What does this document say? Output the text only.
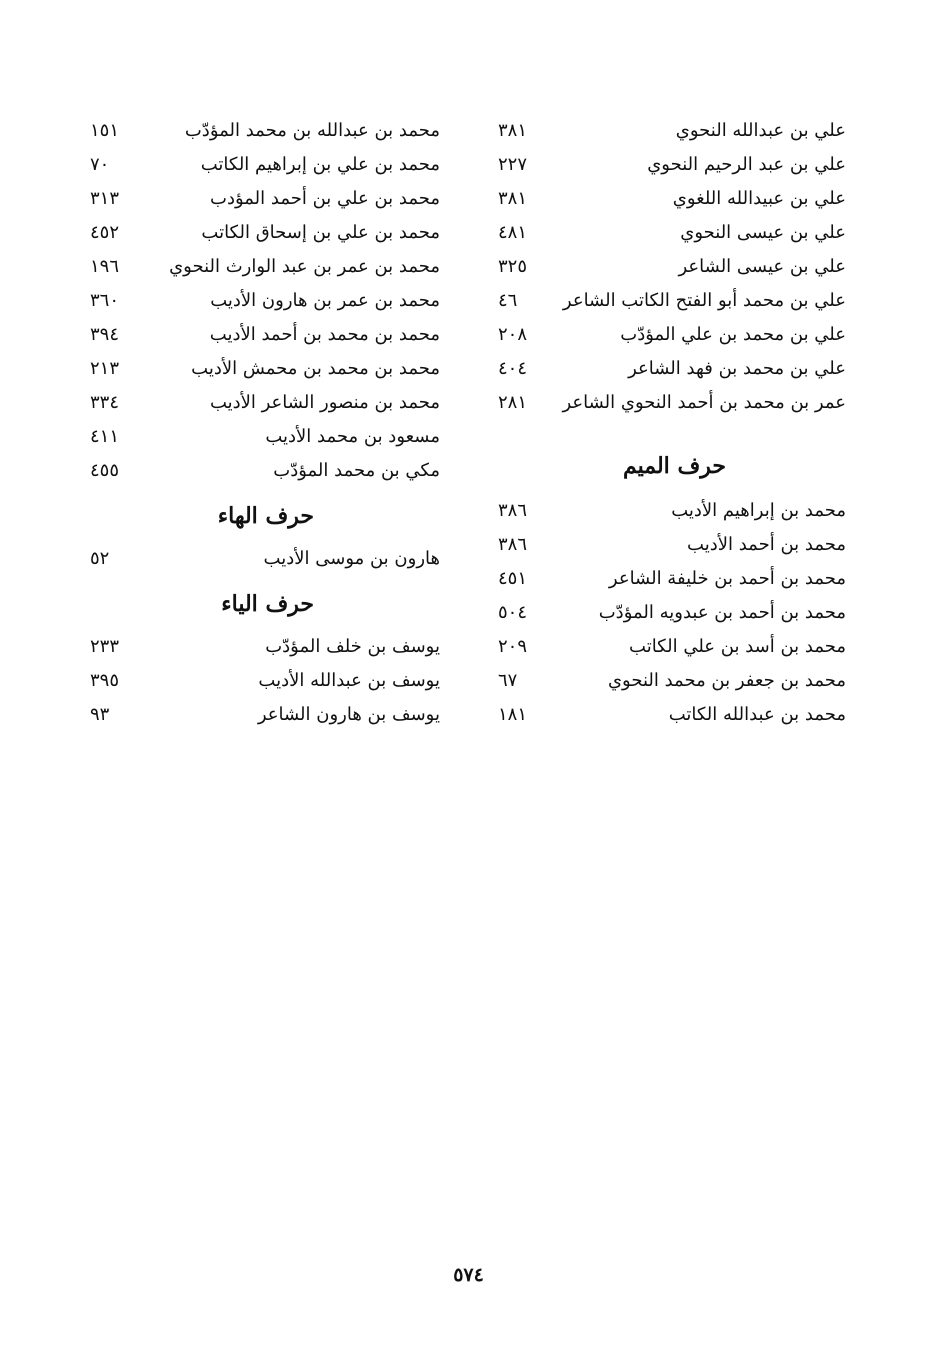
علي بن عبدالله النحوي
٣٨١
علي بن عبد الرحيم النحوي
٢٢٧
علي بن عبيدالله اللغوي
٣٨١
علي بن عيسى النحوي
٤٨١
علي بن عيسى الشاعر
٣٢٥
علي بن محمد أبو الفتح الكاتب الشاعر
٤٦
علي بن محمد بن علي المؤدّب
٢٠٨
علي بن محمد بن فهد الشاعر
٤٠٤
عمر بن محمد بن أحمد النحوي الشاعر
٢٨١
حرف الميم
محمد بن إبراهيم الأديب
٣٨٦
محمد بن أحمد الأديب
٣٨٦
محمد بن أحمد بن خليفة الشاعر
٤٥١
محمد بن أحمد بن عبدويه المؤدّب
٥٠٤
محمد بن أسد بن علي الكاتب
٢٠٩
محمد بن جعفر بن محمد النحوي
٦٧
محمد بن عبدالله الكاتب
١٨١
محمد بن عبدالله بن محمد المؤدّب
١٥١
محمد بن علي بن إبراهيم الكاتب
٧٠
محمد بن علي بن أحمد المؤدب
٣١٣
محمد بن علي بن إسحاق الكاتب
٤٥٢
محمد بن عمر بن عبد الوارث النحوي
١٩٦
محمد بن عمر بن هارون الأديب
٣٦٠
محمد بن محمد بن أحمد الأديب
٣٩٤
محمد بن محمد بن محمش الأديب
٢١٣
محمد بن منصور الشاعر الأديب
٣٣٤
مسعود بن محمد الأديب
٤١١
مكي بن محمد المؤدّب
٤٥٥
حرف الهاء
هارون بن موسى الأديب
٥٢
حرف الياء
يوسف بن خلف المؤدّب
٢٣٣
يوسف بن عبدالله الأديب
٣٩٥
يوسف بن هارون الشاعر
٩٣
٥٧٤
